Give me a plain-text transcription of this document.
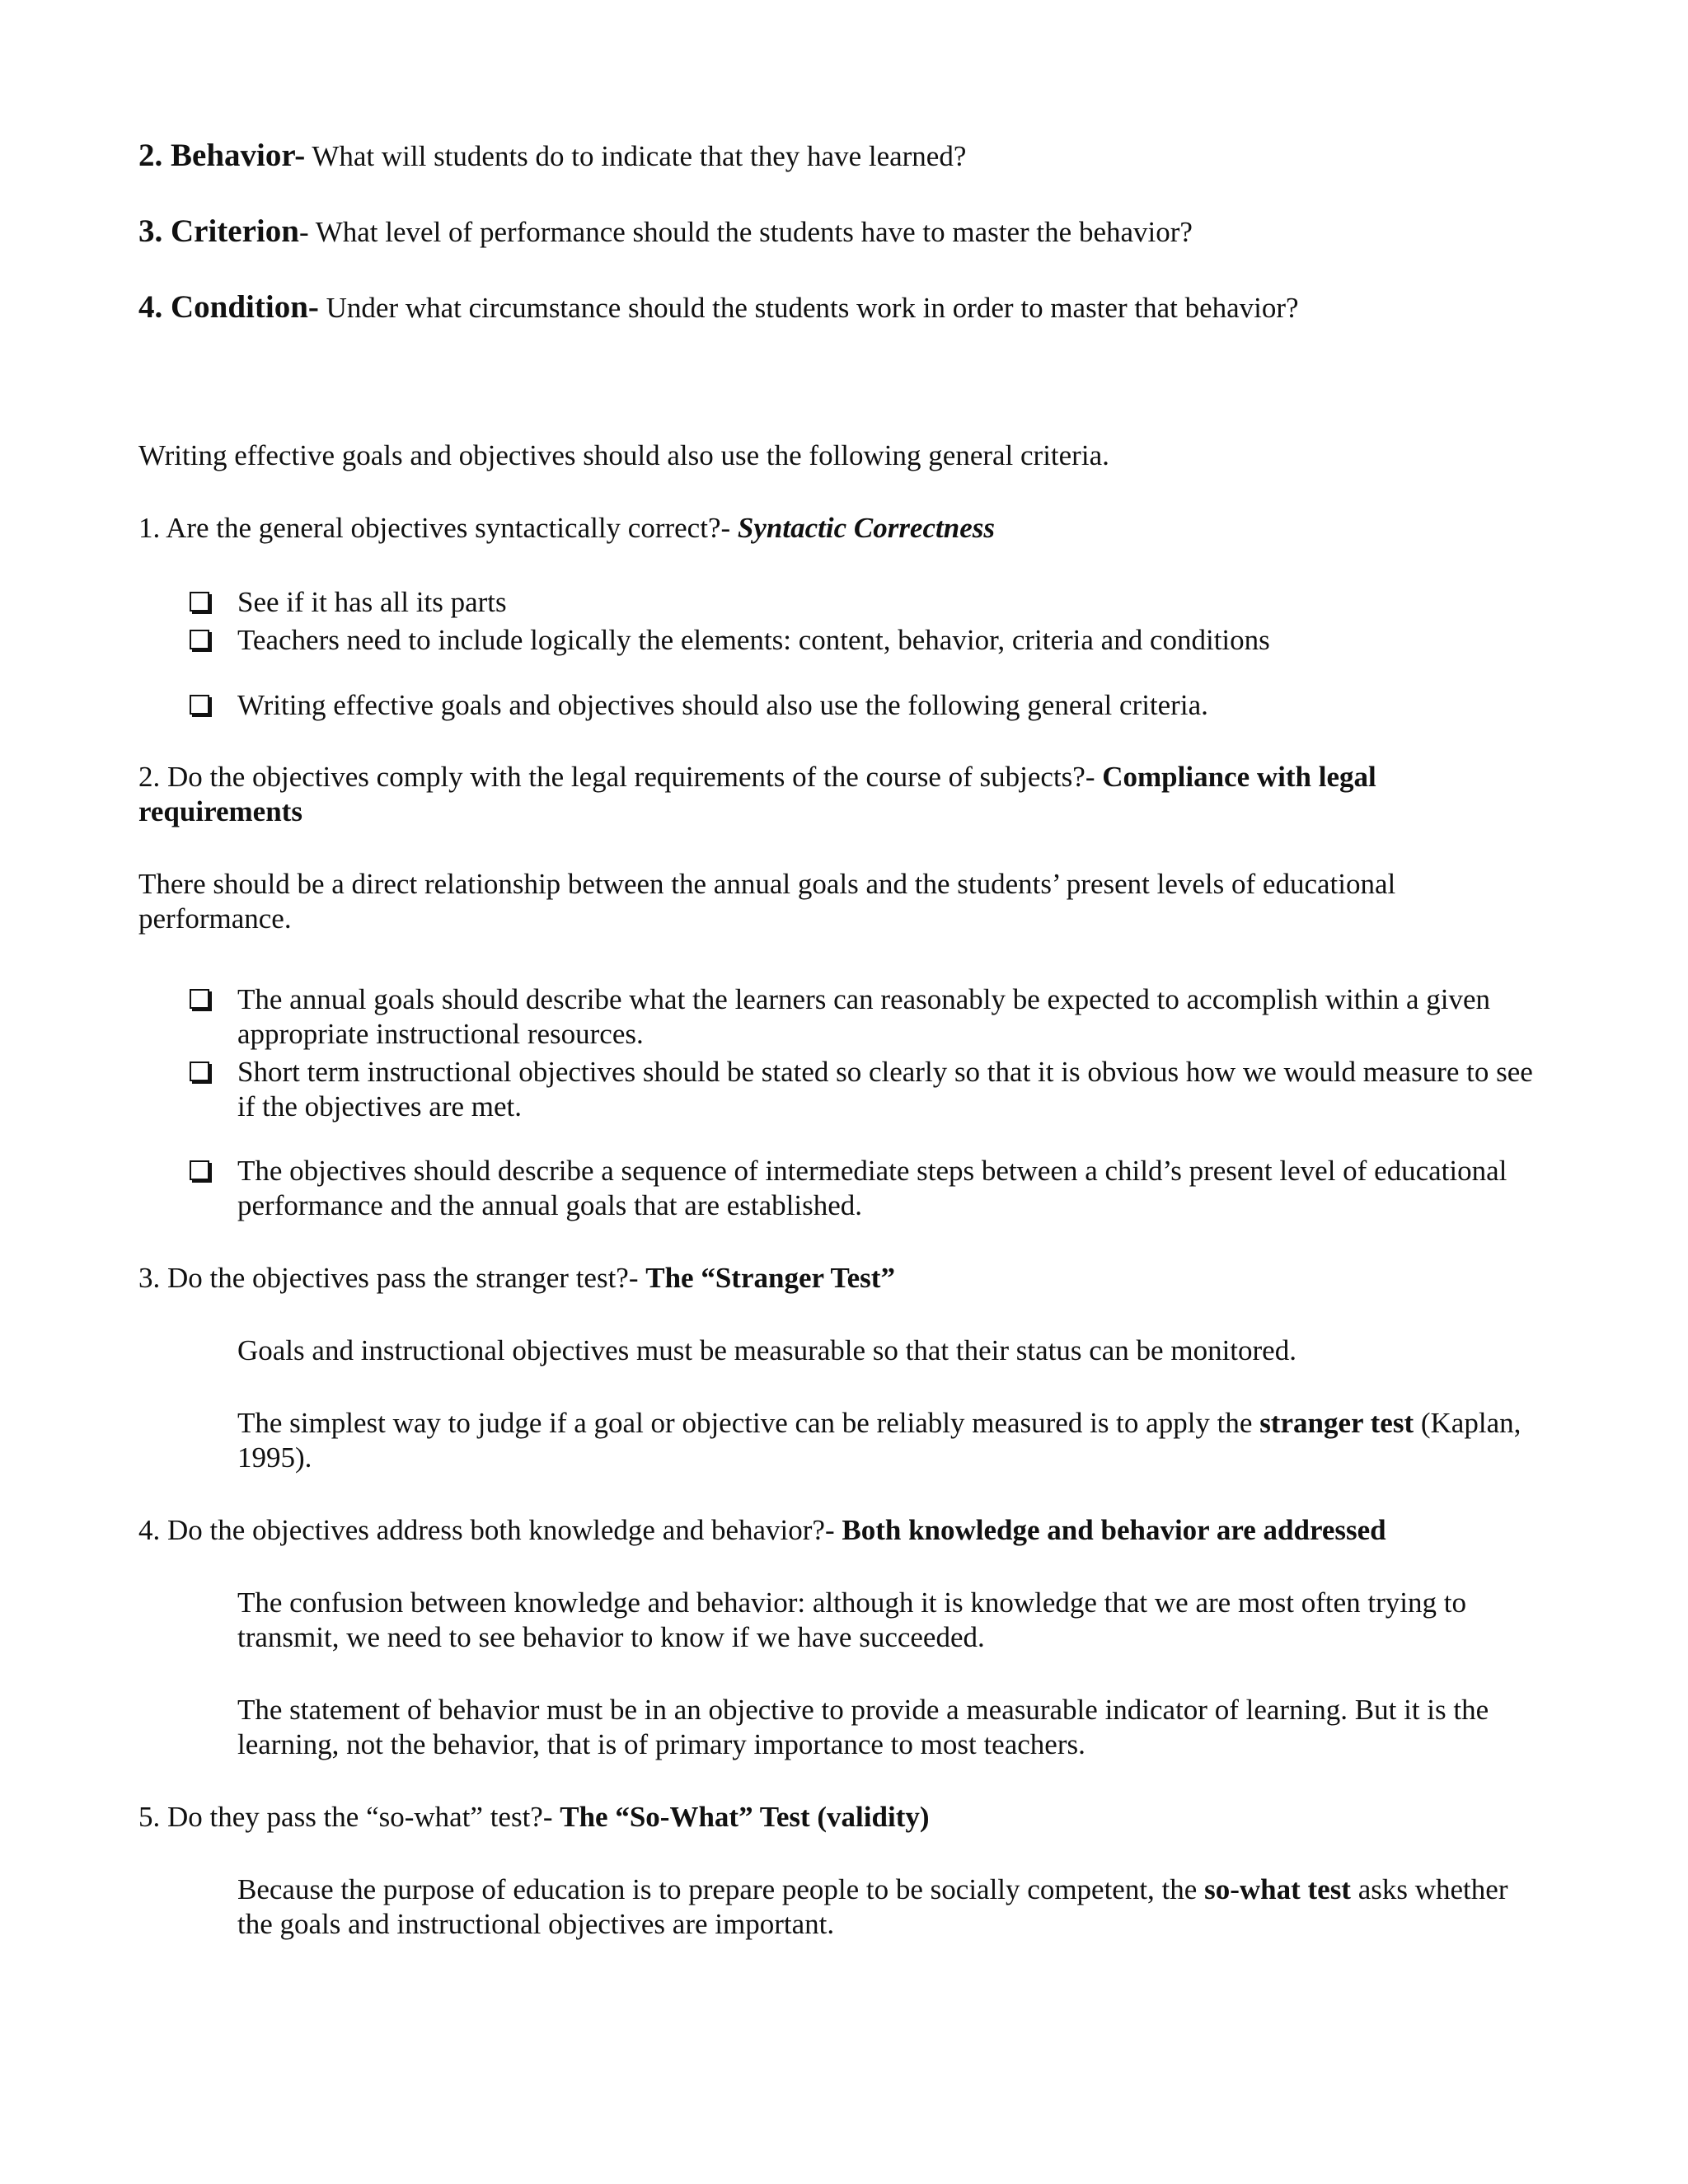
2. Behavior- What will students do to indicate that they have learned?
3. Criterion- What level of performance should the students have to master the behavior?
4. Condition- Under what circumstance should the students work in order to master that behavior?
Writing effective goals and objectives should also use the following general criteria.
1. Are the general objectives syntactically correct?- Syntactic Correctness
See if it has all its parts
Teachers need to include logically the elements: content, behavior, criteria and conditions
Writing effective goals and objectives should also use the following general criteria.
2. Do the objectives comply with the legal requirements of the course of subjects?- Compliance with legal requirements
There should be a direct relationship between the annual goals and the students’ present levels of educational performance.
The annual goals should describe what the learners can reasonably be expected to accomplish within a given appropriate instructional resources.
Short term instructional objectives should be stated so clearly so that it is obvious how we would measure to see if the objectives are met.
The objectives should describe a sequence of intermediate steps between a child’s present level of educational performance and the annual goals that are established.
3. Do the objectives pass the stranger test?- The “Stranger Test”
Goals and instructional objectives must be measurable so that their status can be monitored.
The simplest way to judge if a goal or objective can be reliably measured is to apply the stranger test (Kaplan, 1995).
4. Do the objectives address both knowledge and behavior?- Both knowledge and behavior are addressed
The confusion between knowledge and behavior: although it is knowledge that we are most often trying to transmit, we need to see behavior to know if we have succeeded.
The statement of behavior must be in an objective to provide a measurable indicator of learning. But it is the learning, not the behavior, that is of primary importance to most teachers.
5. Do they pass the “so-what” test?- The “So-What” Test (validity)
Because the purpose of education is to prepare people to be socially competent, the so-what test asks whether the goals and instructional objectives are important.
